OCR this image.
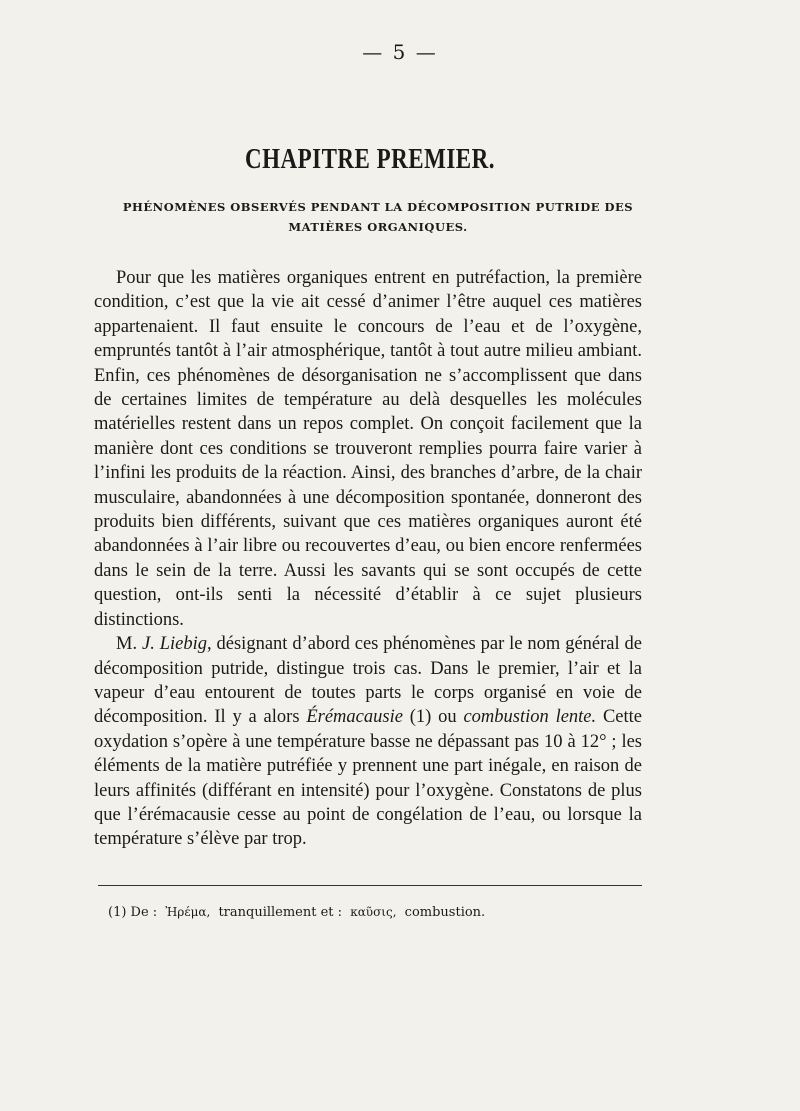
— 5 —
CHAPITRE PREMIER.
PHÉNOMÈNES OBSERVÉS PENDANT LA DÉCOMPOSITION PUTRIDE DES MATIÈRES ORGANIQUES.

Pour que les matières organiques entrent en putréfaction, la première condition, c’est que la vie ait cessé d’animer l’être auquel ces matières appartenaient. Il faut ensuite le concours de l’eau et de l’oxygène, empruntés tantôt à l’air atmosphérique, tantôt à tout autre milieu ambiant. Enfin, ces phénomènes de désorganisation ne s’accomplissent que dans de certaines limites de température au delà desquelles les molécules matérielles restent dans un repos complet. On conçoit facilement que la manière dont ces conditions se trouveront remplies pourra faire varier à l’infini les produits de la réaction. Ainsi, des branches d’arbre, de la chair musculaire, abandonnées à une décomposition spontanée, donneront des produits bien différents, suivant que ces matières organiques auront été abandonnées à l’air libre ou recouvertes d’eau, ou bien encore renfermées dans le sein de la terre. Aussi les savants qui se sont occupés de cette question, ont-ils senti la nécessité d’établir à ce sujet plusieurs distinctions.

M. J. Liebig, désignant d’abord ces phénomènes par le nom général de décomposition putride, distingue trois cas. Dans le premier, l’air et la vapeur d’eau entourent de toutes parts le corps organisé en voie de décomposition. Il y a alors Érémacausie (1) ou combustion lente. Cette oxydation s’opère à une température basse ne dépassant pas 10 à 12° ; les éléments de la matière putréfiée y prennent une part inégale, en raison de leurs affinités (différant en intensité) pour l’oxygène. Constatons de plus que l’érémacausie cesse au point de congélation de l’eau, ou lorsque la température s’élève par trop.

(1) De : Ἠρέμα, tranquillement et : καῦσις, combustion.
